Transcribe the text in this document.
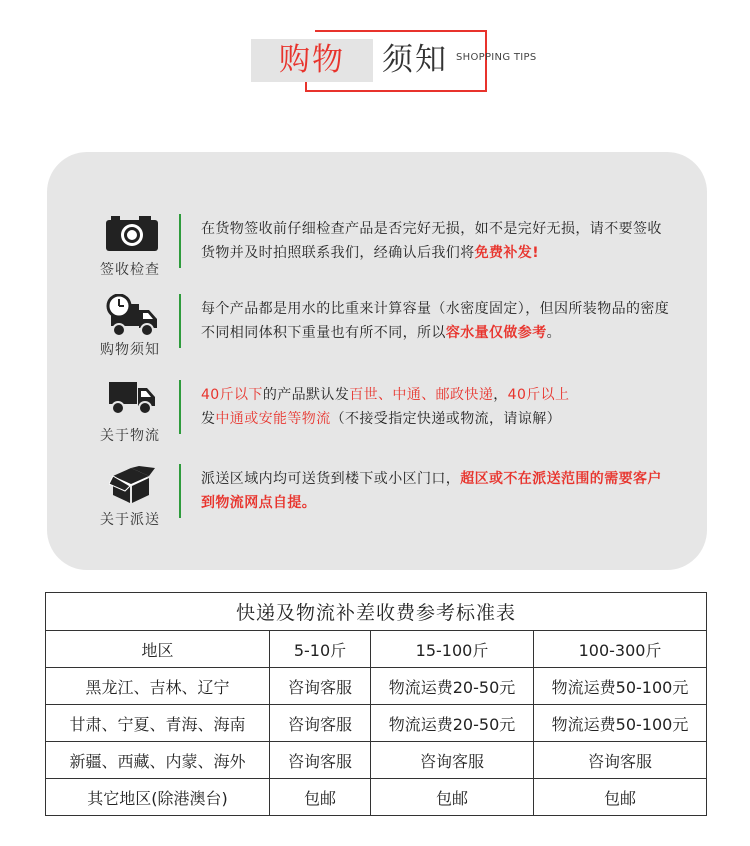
购物	须知 SHOPPING TIPS
签收检查
在货物签收前仔细检查产品是否完好无损，如不是完好无损，请不要签收货物并及时拍照联系我们，经确认后我们将免费补发!
购物须知
每个产品都是用水的比重来计算容量（水密度固定），但因所装物品的密度不同相同体积下重量也有所不同，所以容水量仅做参考。
关于物流
40斤以下的产品默认发百世、中通、邮政快递，40斤以上
发中通或安能等物流（不接受指定快递或物流，请谅解）
关于派送
派送区域内均可送货到楼下或小区门口，超区或不在派送范围的需要客户到物流网点自提。
快递及物流补差收费参考标准表			
地区	5-10斤	15-100斤	100-300斤
黑龙江、吉林、辽宁	咨询客服	物流运费20-50元	物流运费50-100元
甘肃、宁夏、青海、海南	咨询客服	物流运费20-50元	物流运费50-100元
新疆、西藏、内蒙、海外	咨询客服	咨询客服	咨询客服
其它地区(除港澳台)	包邮	包邮	包邮
